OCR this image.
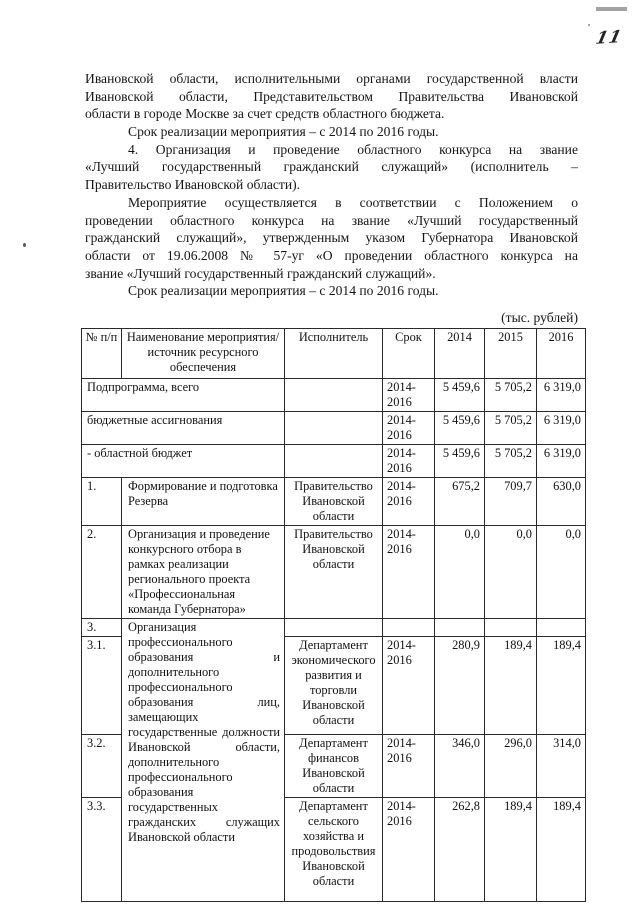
11
Ивановской области, исполнительными органами государственной власти
Ивановской области, Представительством Правительства Ивановской
области в городе Москве за счет средств областного бюджета.
Срок реализации мероприятия – с 2014 по 2016 годы.
4. Организация и проведение областного конкурса на звание
«Лучший государственный гражданский служащий» (исполнитель –
Правительство Ивановской области).
Мероприятие осуществляется в соответствии с Положением о
проведении областного конкурса на звание «Лучший государственный
гражданский служащий», утвержденным указом Губернатора Ивановской
области от 19.06.2008 № 57-уг «О проведении областного конкурса на
звание «Лучший государственный гражданский служащий».
Срок реализации мероприятия – с 2014 по 2016 годы.
(тыс. рублей)
№ п/п	Наименование мероприятия/ источник ресурсного обеспечения	Исполнитель	Срок	2014	2015	2016
Подпрограмма, всего			2014-2016	5 459,6	5 705,2	6 319,0
бюджетные ассигнования			2014-2016	5 459,6	5 705,2	6 319,0
- областной бюджет			2014-2016	5 459,6	5 705,2	6 319,0
1.	Формирование и подготовка Резерва	Правительство Ивановской области	2014-2016	675,2	709,7	630,0
2.	Организация и проведение конкурсного отбора в рамках реализации регионального проекта «Профессиональная команда Губернатора»	Правительство Ивановской области	2014-2016	0,0	0,0	0,0
3.	Организация профессионального образования и дополнительного профессионального образования лиц, замещающих государственные должности Ивановской области, дополнительного профессионального образования государственных гражданских служащих Ивановской области					
3.1.		Департамент экономического развития и торговли Ивановской области	2014-2016	280,9	189,4	189,4
3.2.		Департамент финансов Ивановской области	2014-2016	346,0	296,0	314,0
3.3.		Департамент сельского хозяйства и продовольствия Ивановской области	2014-2016	262,8	189,4	189,4
